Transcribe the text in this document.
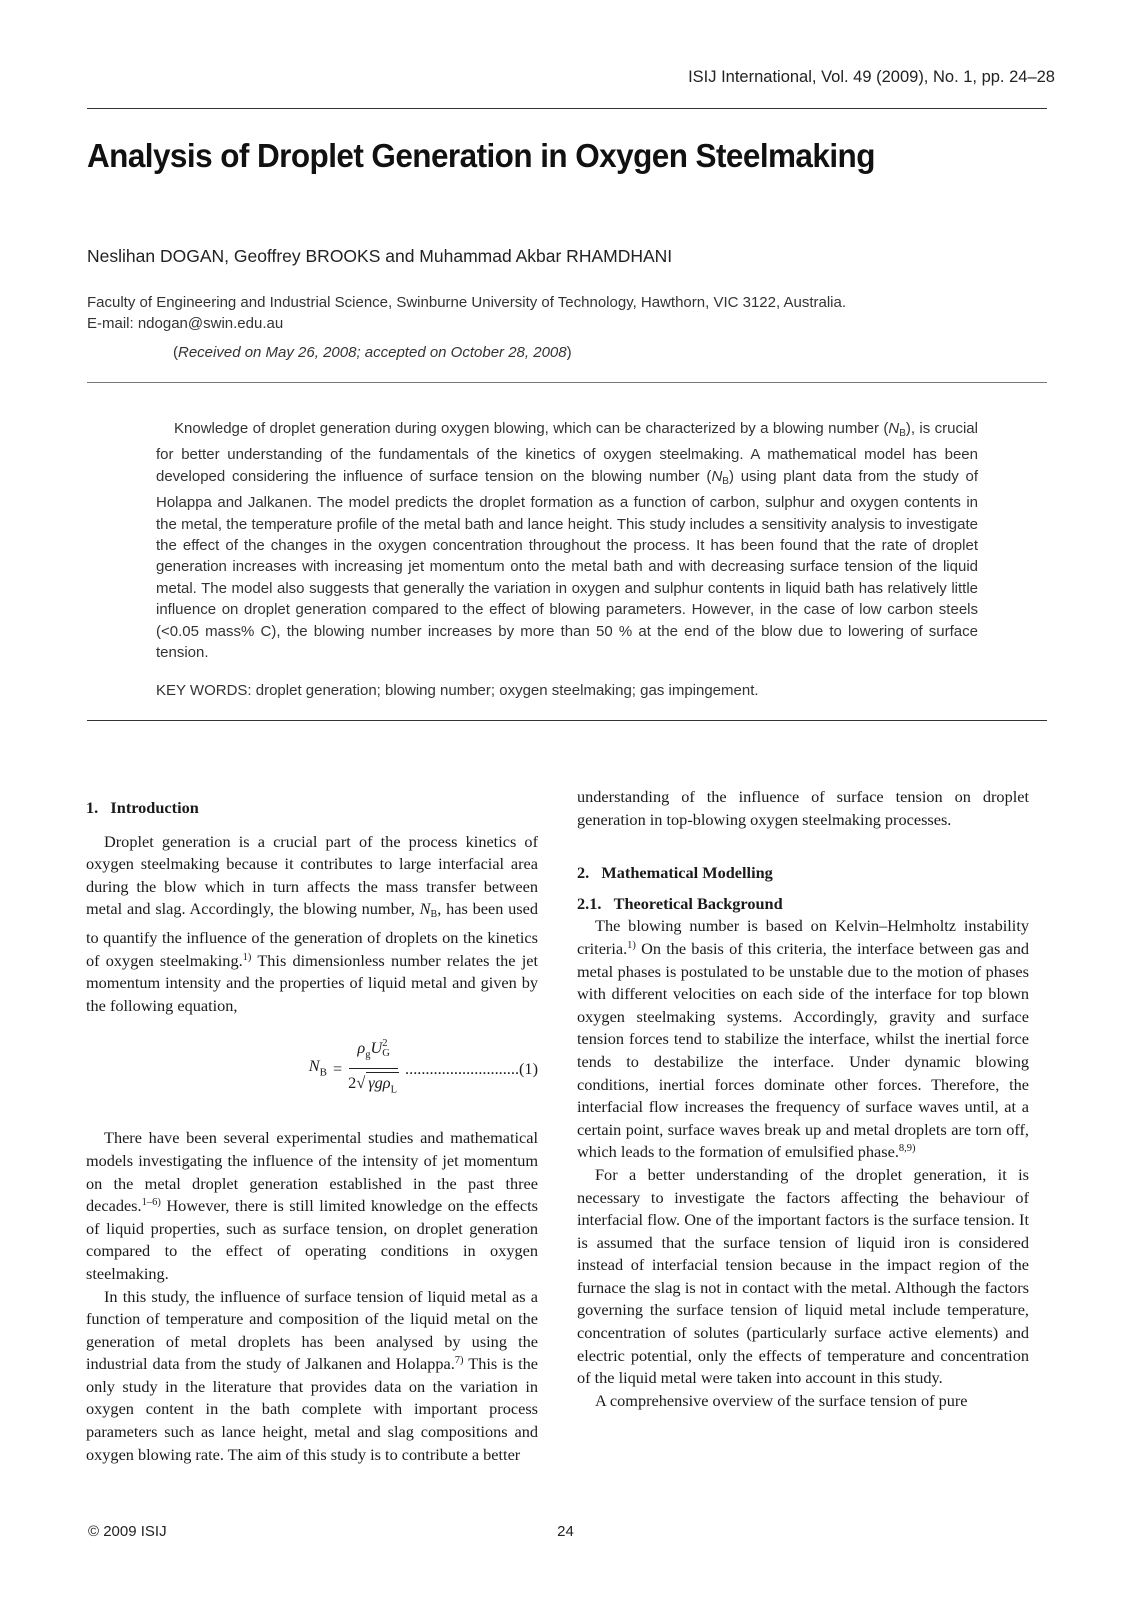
ISIJ International, Vol. 49 (2009), No. 1, pp. 24–28
Analysis of Droplet Generation in Oxygen Steelmaking
Neslihan DOGAN, Geoffrey BROOKS and Muhammad Akbar RHAMDHANI
Faculty of Engineering and Industrial Science, Swinburne University of Technology, Hawthorn, VIC 3122, Australia.
E-mail: ndogan@swin.edu.au
(Received on May 26, 2008; accepted on October 28, 2008)

Knowledge of droplet generation during oxygen blowing, which can be characterized by a blowing number $(N_B)$, is crucial for better understanding of the fundamentals of the kinetics of oxygen steelmaking. A mathematical model has been developed considering the influence of surface tension on the blowing number $(N_B)$ using plant data from the study of Holappa and Jalkanen. The model predicts the droplet formation as a function of carbon, sulphur and oxygen contents in the metal, the temperature profile of the metal bath and lance height. This study includes a sensitivity analysis to investigate the effect of the changes in the oxygen concentration throughout the process. It has been found that the rate of droplet generation increases with increasing jet momentum onto the metal bath and with decreasing surface tension of the liquid metal. The model also suggests that generally the variation in oxygen and sulphur contents in liquid bath has relatively little influence on droplet generation compared to the effect of blowing parameters. However, in the case of low carbon steels (<0.05 mass% C), the blowing number increases by more than 50 % at the end of the blow due to lowering of surface tension.

KEY WORDS: droplet generation; blowing number; oxygen steelmaking; gas impingement.
1.   Introduction

Droplet generation is a crucial part of the process kinetics of oxygen steelmaking because it contributes to large interfacial area during the blow which in turn affects the mass transfer between metal and slag. Accordingly, the blowing number, $N_B$, has been used to quantify the influence of the generation of droplets on the kinetics of oxygen steelmaking.$^{1)}$ This dimensionless number relates the jet momentum intensity and the properties of liquid metal and given by the following equation,

$N_B = \rho_gU$ 2
G
2√ γgρ$_L$ ............................ (1)

There have been several experimental studies and mathematical models investigating the influence of the intensity of jet momentum on the metal droplet generation established in the past three decades.$^{1-6)}$ However, there is still limited knowledge on the effects of liquid properties, such as surface tension, on droplet generation compared to the effect of operating conditions in oxygen steelmaking.

In this study, the influence of surface tension of liquid metal as a function of temperature and composition of the liquid metal on the generation of metal droplets has been analysed by using the industrial data from the study of Jalkanen and Holappa.$^{7)}$ This is the only study in the literature that provides data on the variation in oxygen content in the bath complete with important process parameters such as lance height, metal and slag compositions and oxygen blowing rate. The aim of this study is to contribute a better

understanding of the influence of surface tension on droplet generation in top-blowing oxygen steelmaking processes.

2.   Mathematical Modelling
2.1.   Theoretical Background

The blowing number is based on Kelvin–Helmholtz instability criteria.$^{1)}$ On the basis of this criteria, the interface between gas and metal phases is postulated to be unstable due to the motion of phases with different velocities on each side of the interface for top blown oxygen steelmaking systems. Accordingly, gravity and surface tension forces tend to stabilize the interface, whilst the inertial force tends to destabilize the interface. Under dynamic blowing conditions, inertial forces dominate other forces. Therefore, the interfacial flow increases the frequency of surface waves until, at a certain point, surface waves break up and metal droplets are torn off, which leads to the formation of emulsified phase.$^{8,9)}$

For a better understanding of the droplet generation, it is necessary to investigate the factors affecting the behaviour of interfacial flow. One of the important factors is the surface tension. It is assumed that the surface tension of liquid iron is considered instead of interfacial tension because in the impact region of the furnace the slag is not in contact with the metal. Although the factors governing the surface tension of liquid metal include temperature, concentration of solutes (particularly surface active elements) and electric potential, only the effects of temperature and concentration of the liquid metal were taken into account in this study.

A comprehensive overview of the surface tension of pure

© 2009 ISIJ	24
